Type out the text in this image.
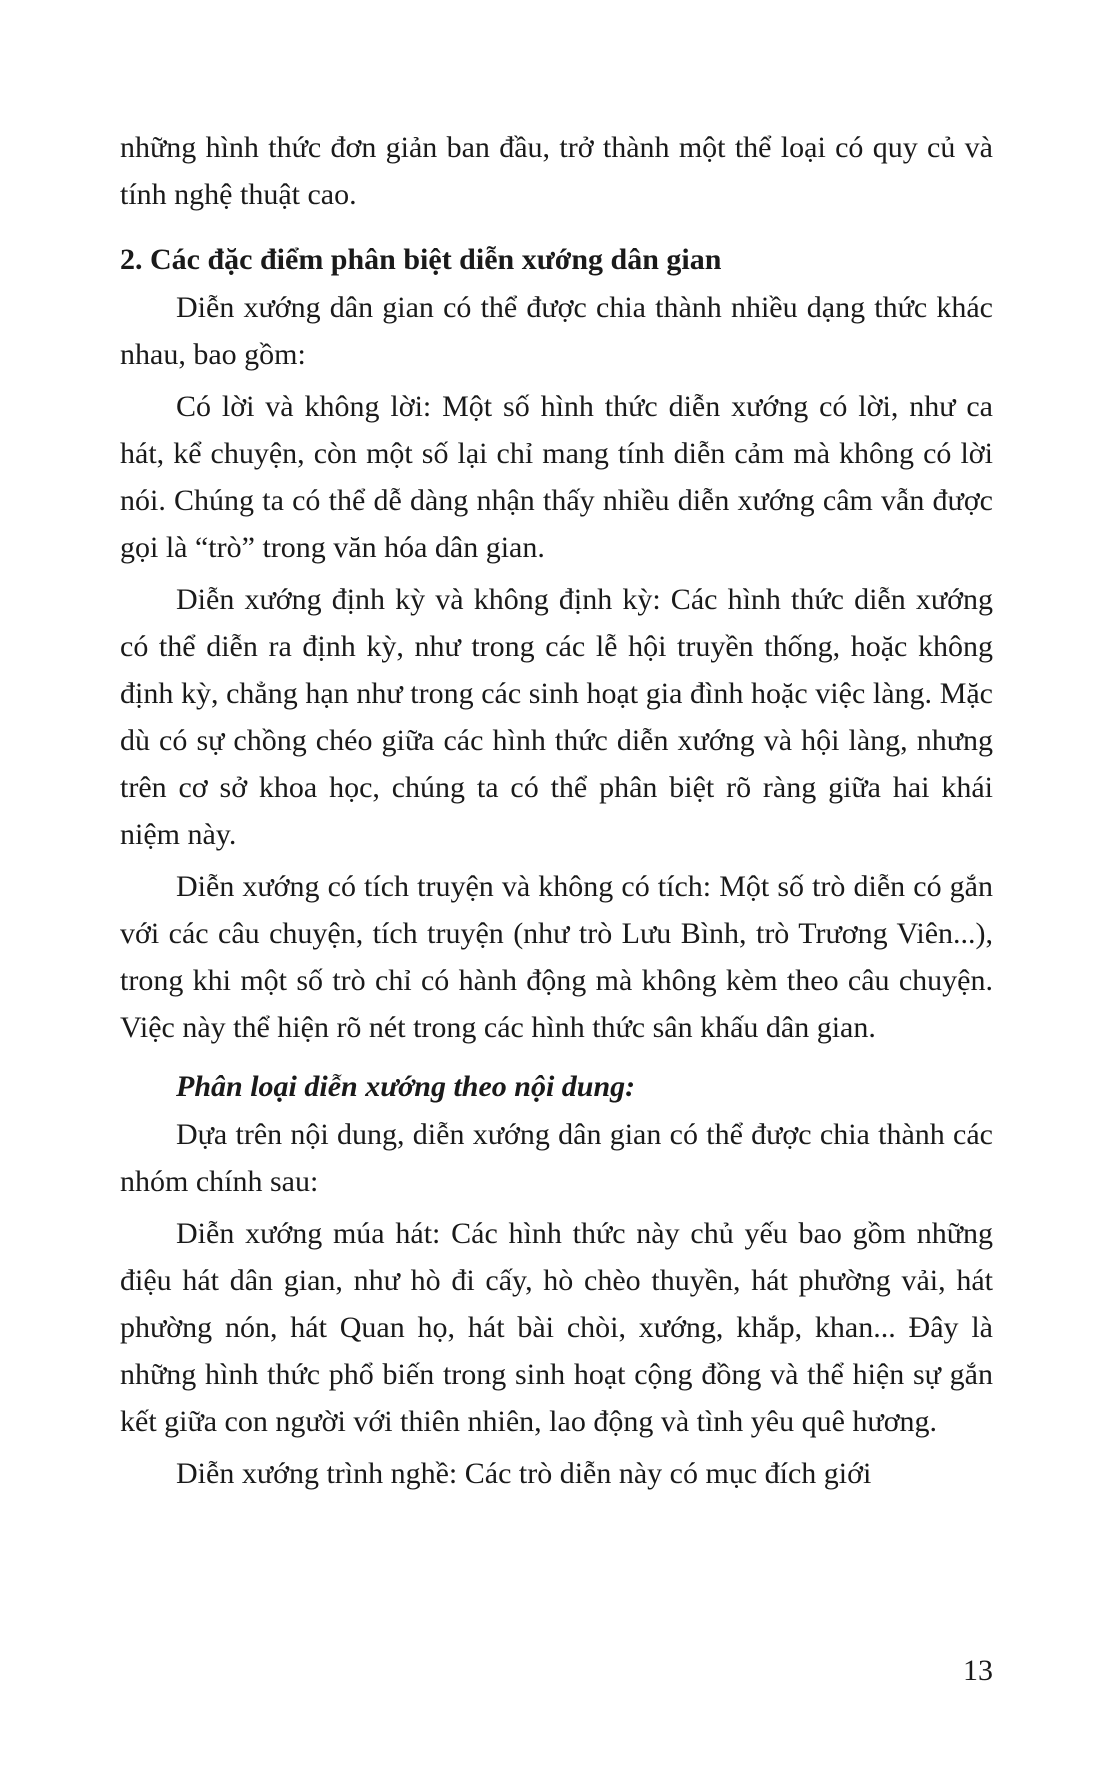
những hình thức đơn giản ban đầu, trở thành một thể loại có quy củ và tính nghệ thuật cao.

2. Các đặc điểm phân biệt diễn xướng dân gian

Diễn xướng dân gian có thể được chia thành nhiều dạng thức khác nhau, bao gồm:

Có lời và không lời: Một số hình thức diễn xướng có lời, như ca hát, kể chuyện, còn một số lại chỉ mang tính diễn cảm mà không có lời nói. Chúng ta có thể dễ dàng nhận thấy nhiều diễn xướng câm vẫn được gọi là “trò” trong văn hóa dân gian.

Diễn xướng định kỳ và không định kỳ: Các hình thức diễn xướng có thể diễn ra định kỳ, như trong các lễ hội truyền thống, hoặc không định kỳ, chẳng hạn như trong các sinh hoạt gia đình hoặc việc làng. Mặc dù có sự chồng chéo giữa các hình thức diễn xướng và hội làng, nhưng trên cơ sở khoa học, chúng ta có thể phân biệt rõ ràng giữa hai khái niệm này.

Diễn xướng có tích truyện và không có tích: Một số trò diễn có gắn với các câu chuyện, tích truyện (như trò Lưu Bình, trò Trương Viên...), trong khi một số trò chỉ có hành động mà không kèm theo câu chuyện. Việc này thể hiện rõ nét trong các hình thức sân khấu dân gian.

Phân loại diễn xướng theo nội dung:

Dựa trên nội dung, diễn xướng dân gian có thể được chia thành các nhóm chính sau:

Diễn xướng múa hát: Các hình thức này chủ yếu bao gồm những điệu hát dân gian, như hò đi cấy, hò chèo thuyền, hát phường vải, hát phường nón, hát Quan họ, hát bài chòi, xướng, khắp, khan... Đây là những hình thức phổ biến trong sinh hoạt cộng đồng và thể hiện sự gắn kết giữa con người với thiên nhiên, lao động và tình yêu quê hương.

Diễn xướng trình nghề: Các trò diễn này có mục đích giới

13
